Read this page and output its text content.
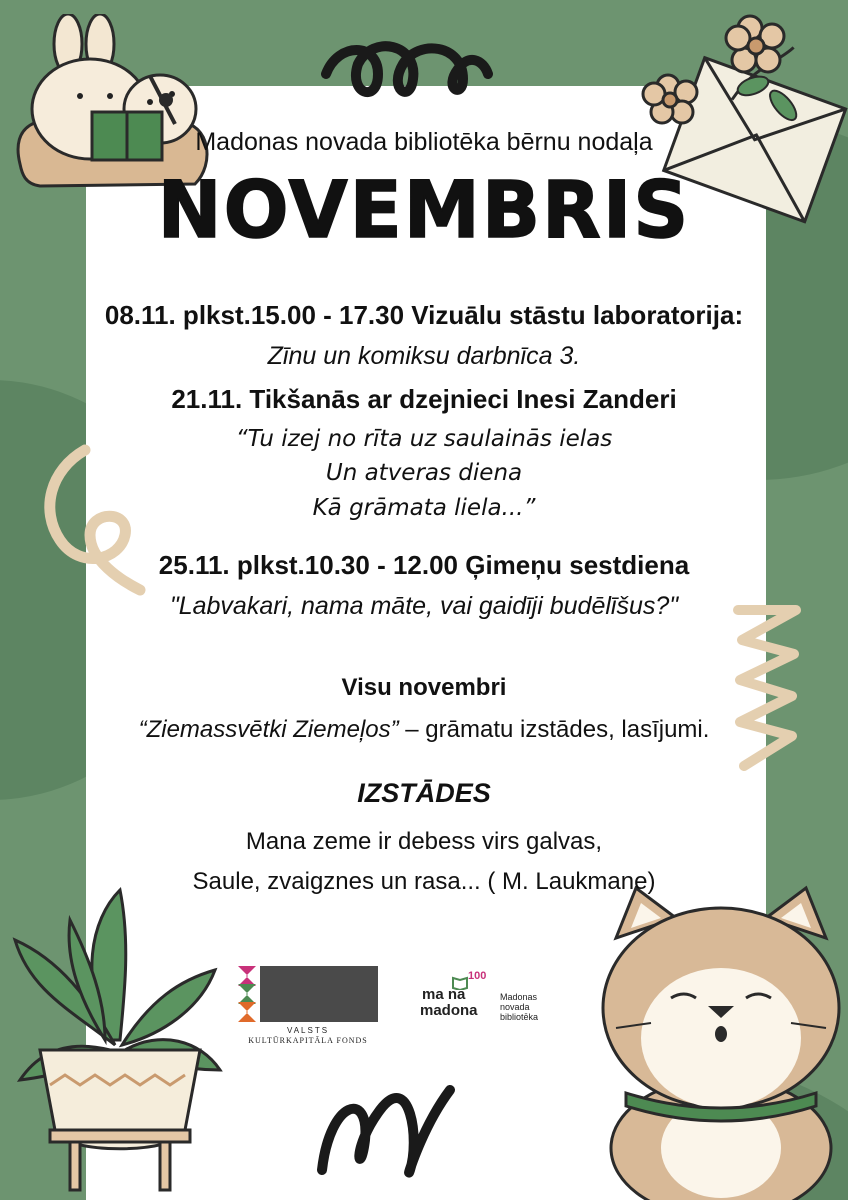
Madonas novada bibliotēka bērnu nodaļa
NOVEMBRIS
08.11. plkst.15.00 - 17.30 Vizuālu stāstu laboratorija:
Zīnu un komiksu darbnīca 3.
21.11. Tikšanās ar dzejnieci Inesi Zanderi
“Tu izej no rīta uz saulainās ielas
Un atveras diena
Kā grāmata liela...”
25.11. plkst.10.30 - 12.00 Ģimeņu sestdiena
"Labvakari, nama māte, vai gaidīji budēlīšus?"
Visu novembri
“Ziemassvētki Ziemeļos” – grāmatu izstādes, lasījumi.
IZSTĀDES
Mana zeme ir debess virs galvas,
Saule, zvaigznes un rasa... ( M. Laukmane)
VALSTS
KULTŪRKAPITĀLA FONDS
100
ma na
madona
Madonas
novada
bibliotēka
